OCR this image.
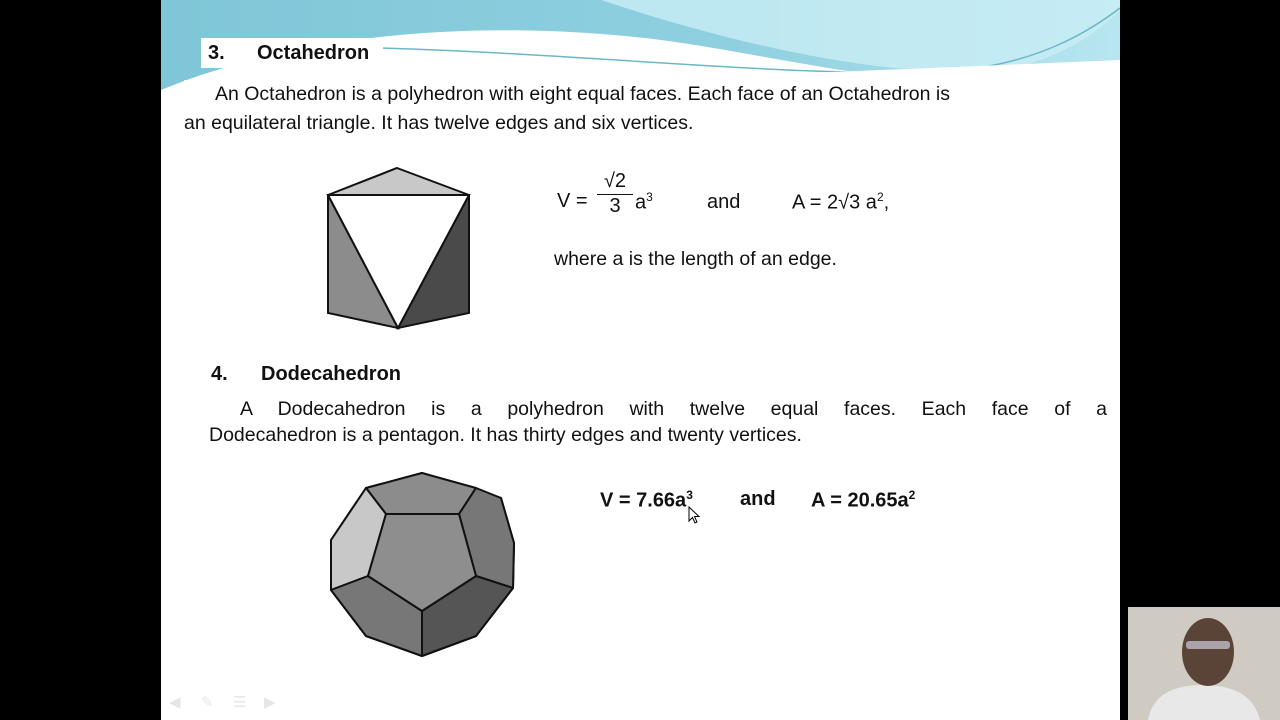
3. Octahedron
An Octahedron is a polyhedron with eight equal faces. Each face of an Octahedron is
an equilateral triangle. It has twelve edges and six vertices.
$V = \frac{√2}{3} a^3$	and	A = 2√3 $a^2$,
where a is the length of an edge.
4. Dodecahedron
A Dodecahedron is a polyhedron with twelve equal faces. Each face of a
Dodecahedron is a pentagon. It has thirty edges and twenty vertices.
$V = 7.66a^3$ and $A = 20.65a^2$
◀	✎	☰	▶
